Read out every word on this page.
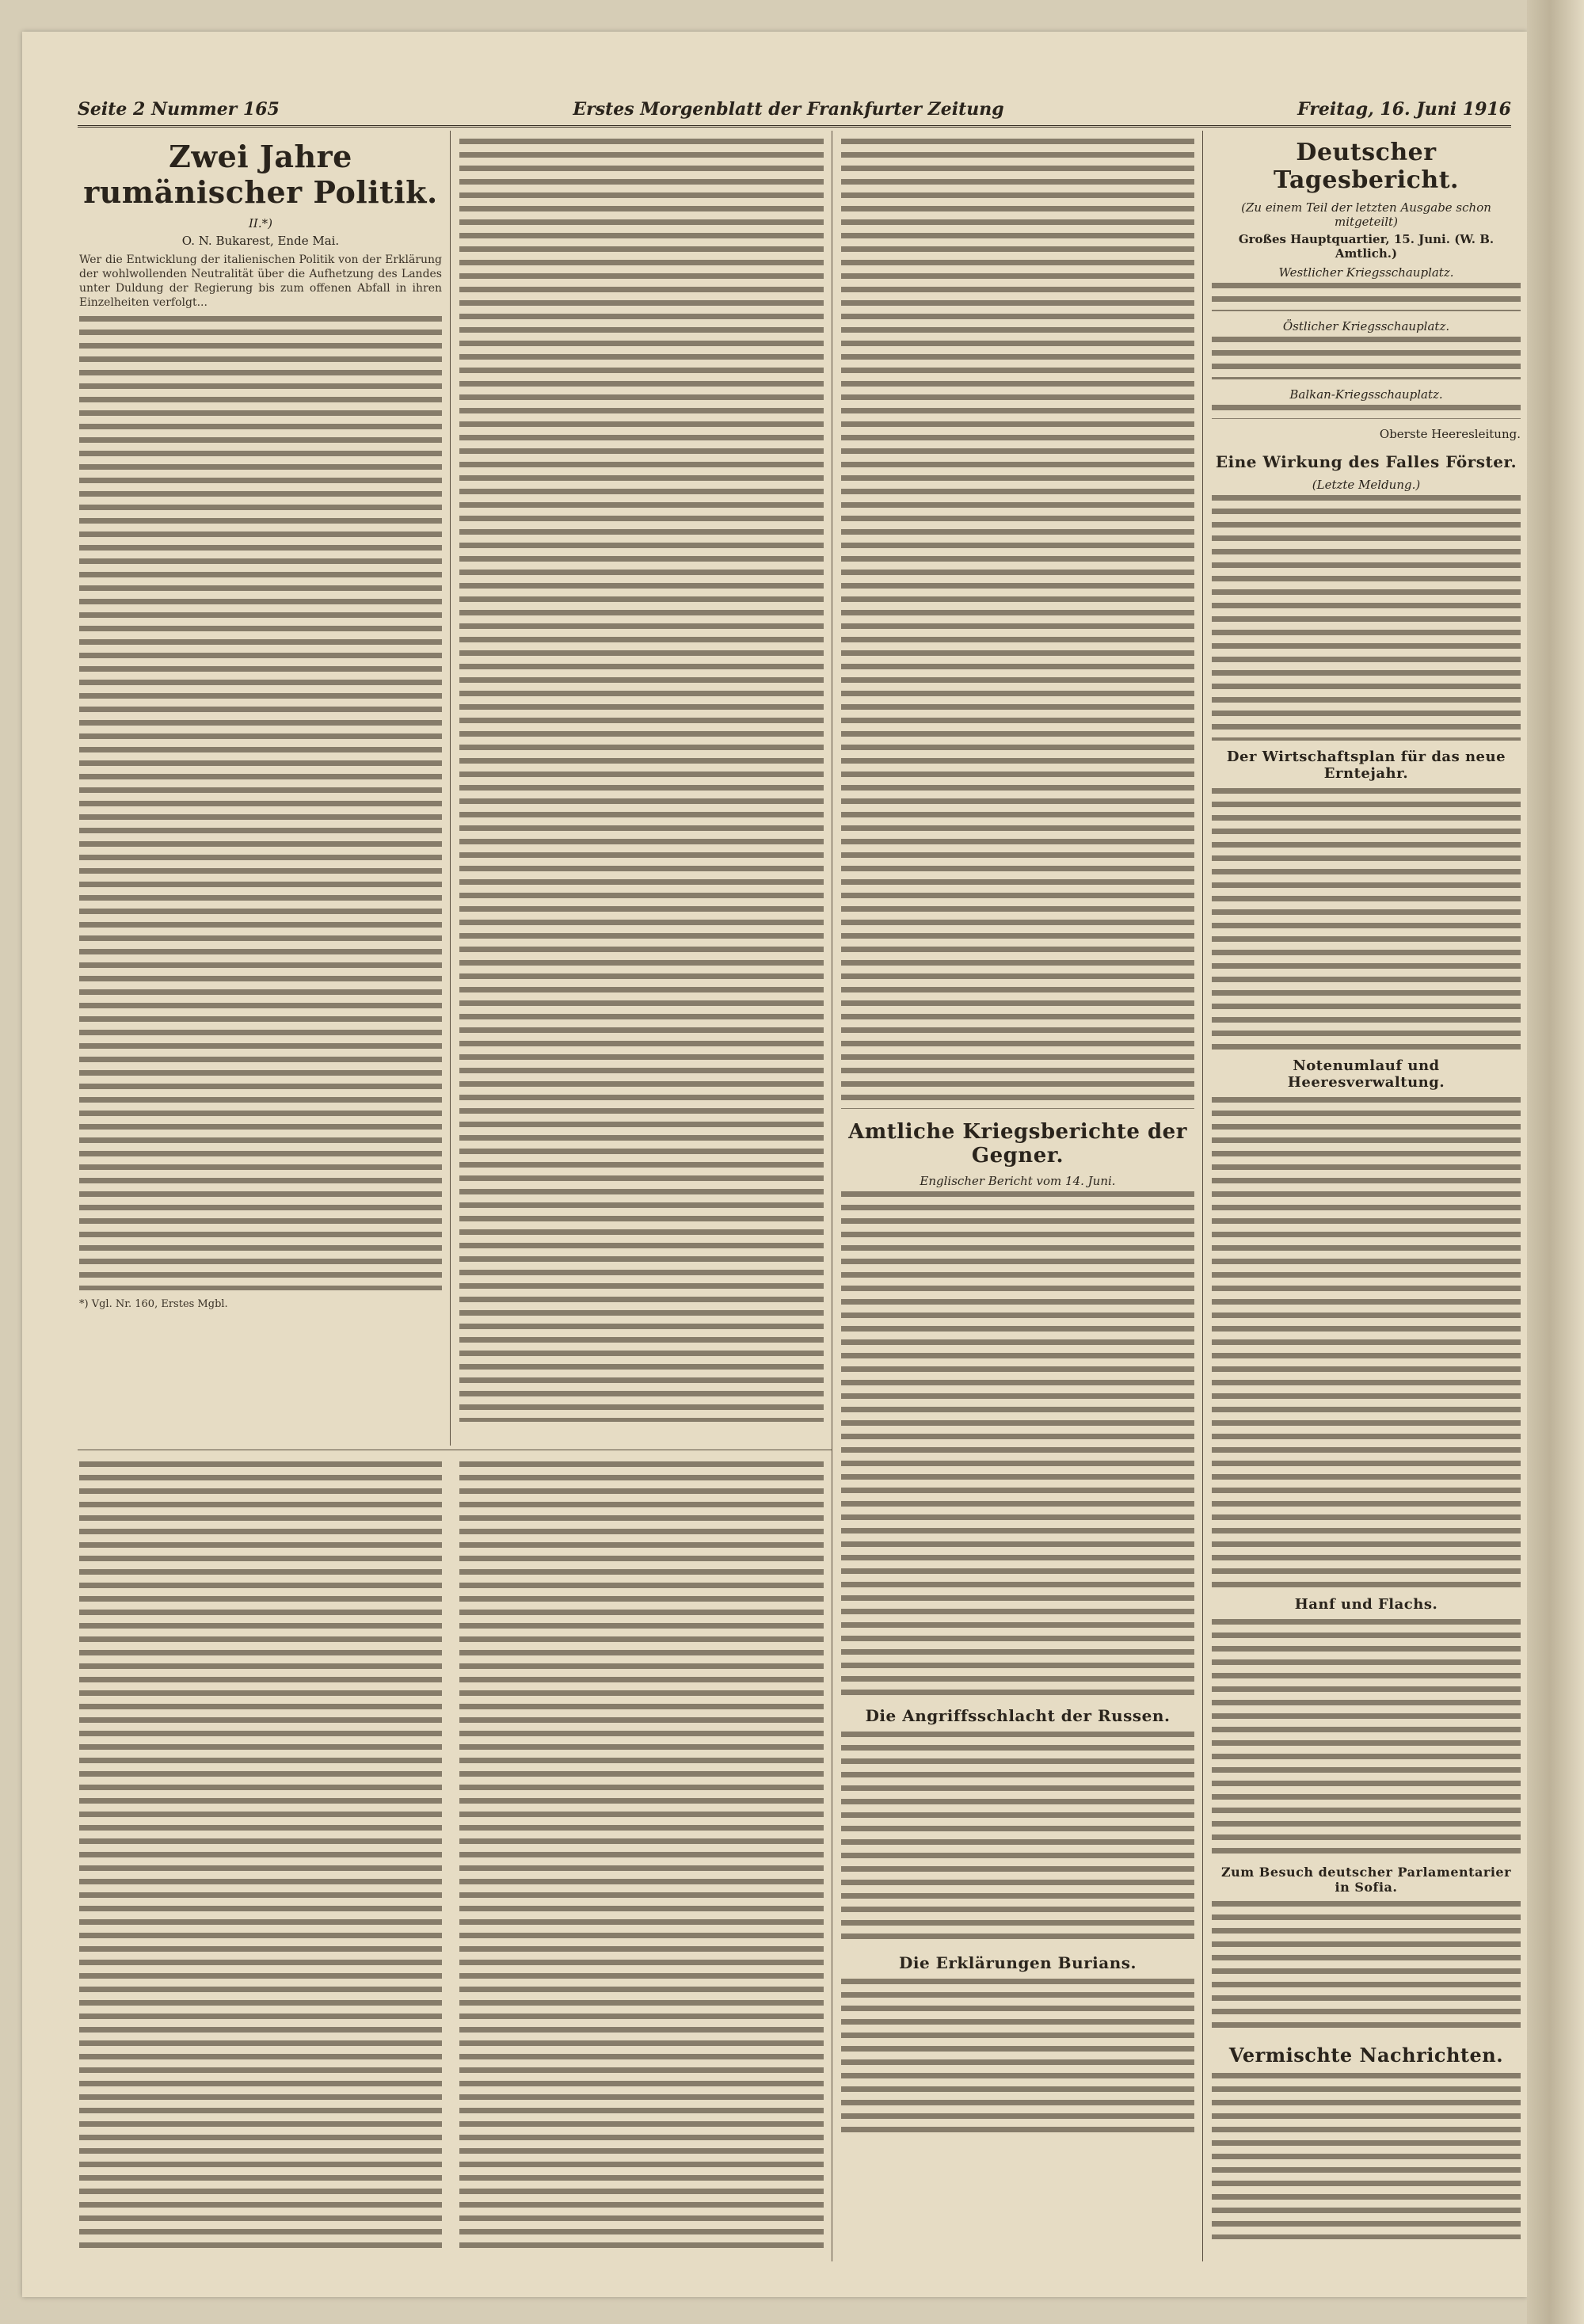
Seite 2 Nummer 165	Erstes Morgenblatt der Frankfurter Zeitung	Freitag, 16. Juni 1916
Zwei Jahre rumänischer Politik.
II.*)
O. N. Bukarest, Ende Mai.

Wer die Entwicklung der italienischen Politik von der Erklärung der wohlwollenden Neutralität über die Aufhetzung des Landes unter Duldung der Regierung bis zum offenen Abfall in ihren Einzelheiten verfolgt...

*) Vgl. Nr. 160, Erstes Mgbl.
Amtliche Kriegsberichte der Gegner.
Englischer Bericht vom 14. Juni.
Die Angriffsschlacht der Russen.
Die Erklärungen Burians.
Deutscher Tagesbericht.
(Zu einem Teil der letzten Ausgabe schon mitgeteilt)
Großes Hauptquartier, 15. Juni. (W. B. Amtlich.)
Westlicher Kriegsschauplatz.
Östlicher Kriegsschauplatz.
Balkan-Kriegsschauplatz.
Oberste Heeresleitung.
Eine Wirkung des Falles Förster.
(Letzte Meldung.)
Der Wirtschaftsplan für das neue Erntejahr.
Notenumlauf und Heeresverwaltung.
Hanf und Flachs.
Zum Besuch deutscher Parlamentarier in Sofia.
Vermischte Nachrichten.
